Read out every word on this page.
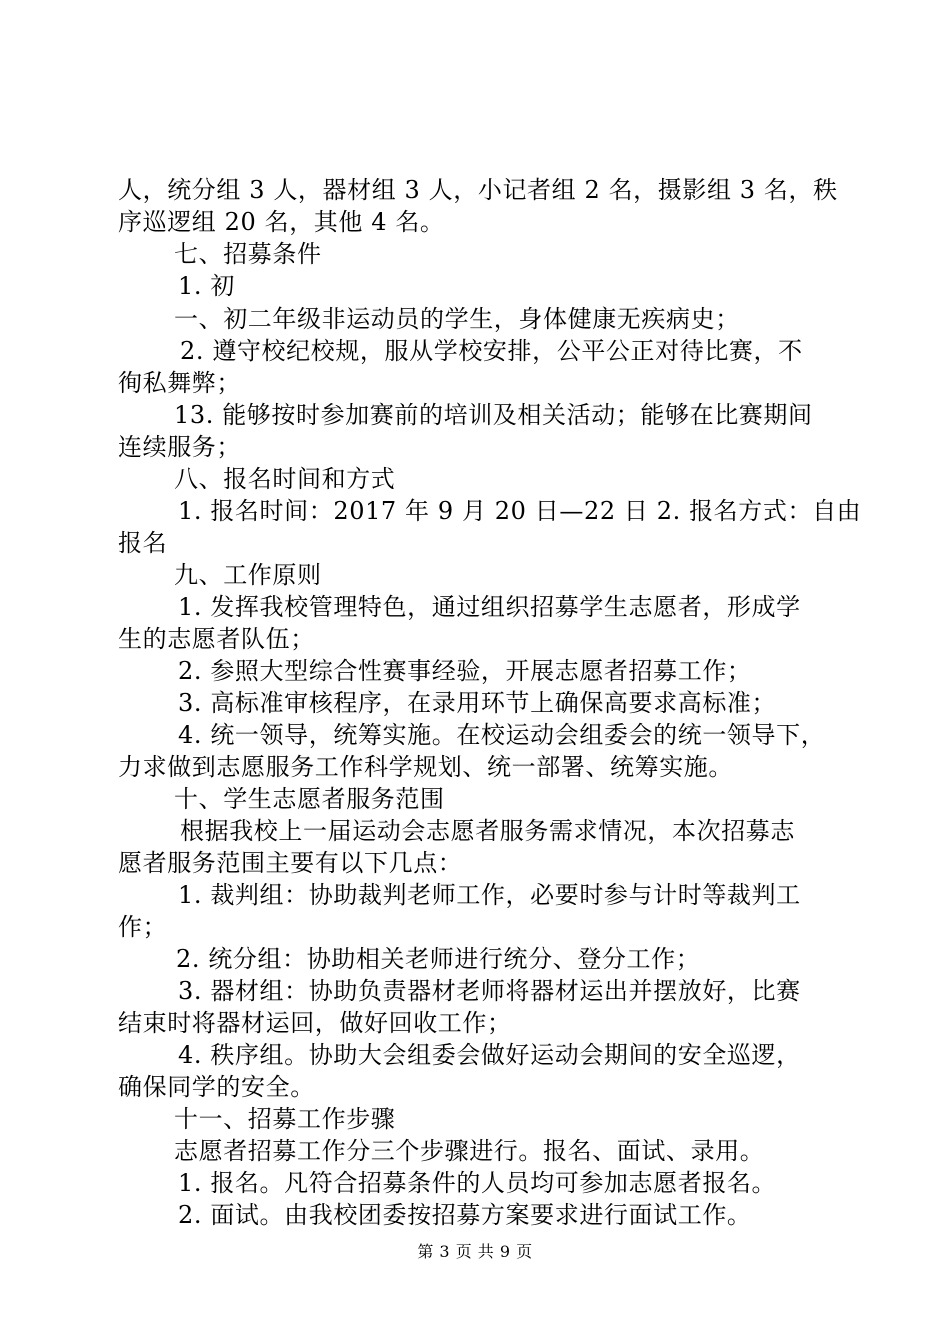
人，统分组 3 人，器材组 3 人，小记者组 2 名，摄影组 3 名，秩
序巡逻组 20 名，其他 4 名。
七、招募条件
1. 初
一、初二年级非运动员的学生，身体健康无疾病史；
2. 遵守校纪校规，服从学校安排，公平公正对待比赛，不
徇私舞弊；
13. 能够按时参加赛前的培训及相关活动；能够在比赛期间
连续服务；
八、报名时间和方式
1. 报名时间：2017 年 9 月 20 日—22 日 2. 报名方式：自由
报名
九、工作原则
1. 发挥我校管理特色，通过组织招募学生志愿者，形成学
生的志愿者队伍；
2. 参照大型综合性赛事经验，开展志愿者招募工作；
3. 高标准审核程序，在录用环节上确保高要求高标准；
4. 统一领导，统筹实施。在校运动会组委会的统一领导下，
力求做到志愿服务工作科学规划、统一部署、统筹实施。
十、学生志愿者服务范围
根据我校上一届运动会志愿者服务需求情况，本次招募志
愿者服务范围主要有以下几点：
1. 裁判组：协助裁判老师工作，必要时参与计时等裁判工
作；
2. 统分组：协助相关老师进行统分、登分工作；
3. 器材组：协助负责器材老师将器材运出并摆放好，比赛
结束时将器材运回，做好回收工作；
4. 秩序组。协助大会组委会做好运动会期间的安全巡逻，
确保同学的安全。
十一、招募工作步骤
志愿者招募工作分三个步骤进行。报名、面试、录用。
1. 报名。凡符合招募条件的人员均可参加志愿者报名。
2. 面试。由我校团委按招募方案要求进行面试工作。
第 3 页 共 9 页
